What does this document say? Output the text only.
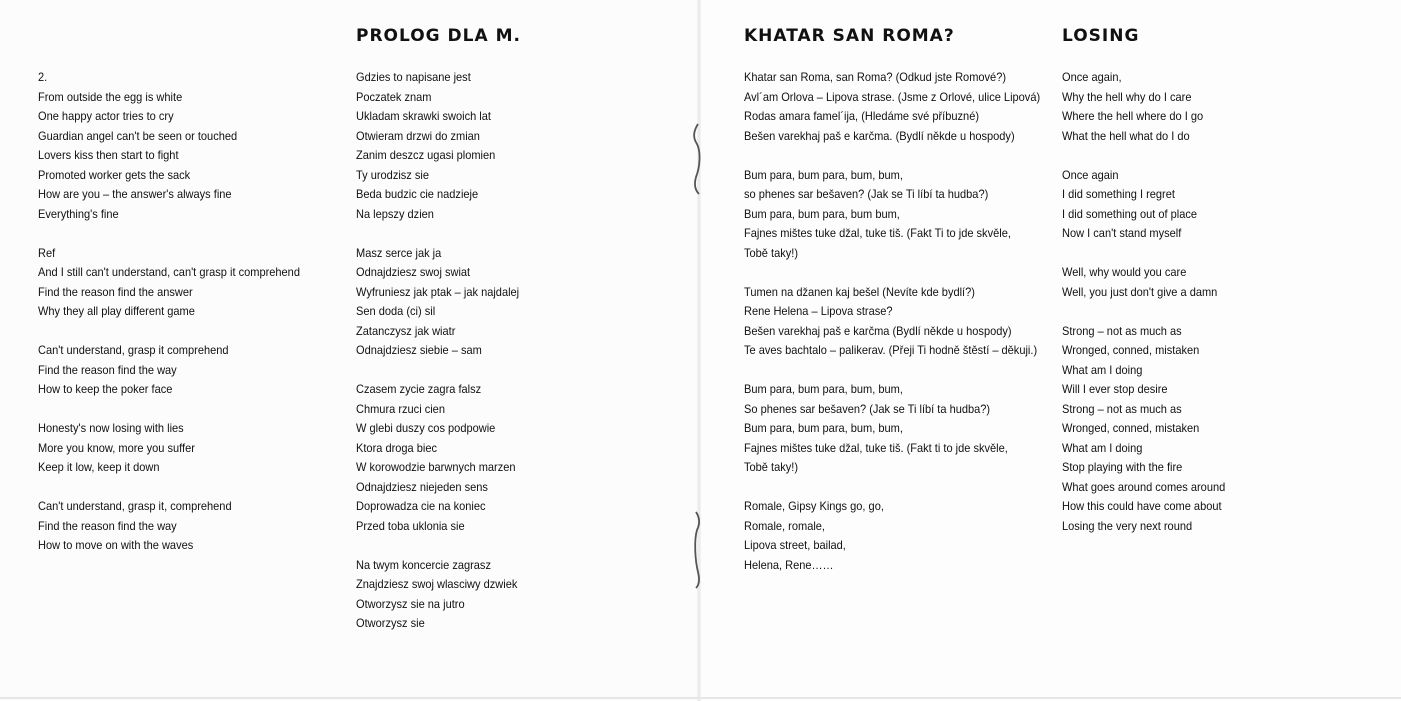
2.
From outside the egg is white
One happy actor tries to cry
Guardian angel can't be seen or touched
Lovers kiss then start to fight
Promoted worker gets the sack
How are you – the answer's always fine
Everything's fine
Ref
And I still can't understand, can't grasp it comprehend
Find the reason find the answer
Why they all play different game
Can't understand, grasp it comprehend
Find the reason find the way
How to keep the poker face
Honesty's now losing with lies
More you know, more you suffer
Keep it low, keep it down
Can't understand, grasp it, comprehend
Find the reason find the way
How to move on with the waves
PROLOG DLA M.
Gdzies to napisane jest
Poczatek znam
Ukladam skrawki swoich lat
Otwieram drzwi do zmian
Zanim deszcz ugasi plomien
Ty urodzisz sie
Beda budzic cie nadzieje
Na lepszy dzien
Masz serce jak ja
Odnajdziesz swoj swiat
Wyfruniesz jak ptak – jak najdalej
Sen doda (ci) sil
Zatanczysz jak wiatr
Odnajdziesz siebie – sam
Czasem zycie zagra falsz
Chmura rzuci cien
W glebi duszy cos podpowie
Ktora droga biec
W korowodzie barwnych marzen
Odnajdziesz niejeden sens
Doprowadza cie na koniec
Przed toba uklonia sie
Na twym koncercie zagrasz
Znajdziesz swoj wlasciwy dzwiek
Otworzysz sie na jutro
Otworzysz sie
KHATAR SAN ROMA?
Khatar san Roma, san Roma? (Odkud jste Romové?)
Avl´am Orlova – Lipova strase. (Jsme z Orlové, ulice Lipová)
Rodas amara famel´ija, (Hledáme své příbuzné)
Bešen varekhaj paš e karčma. (Bydlí někde u hospody)
Bum para, bum para, bum, bum,
so phenes sar bešaven? (Jak se Ti líbí ta hudba?)
Bum para, bum para, bum bum,
Fajnes mištes tuke džal, tuke tiš. (Fakt Ti to jde skvěle,
Tobě taky!)
Tumen na džanen kaj bešel (Nevíte kde bydlí?)
Rene Helena – Lipova strase?
Bešen varekhaj paš e karčma (Bydlí někde u hospody)
Te aves bachtalo – palikerav. (Přeji Ti hodně štěstí – děkuji.)
Bum para, bum para, bum, bum,
So phenes sar bešaven? (Jak se Ti líbí ta hudba?)
Bum para, bum para, bum, bum,
Fajnes mištes tuke džal, tuke tiš. (Fakt ti to jde skvěle,
Tobě taky!)
Romale, Gipsy Kings go, go,
Romale, romale,
Lipova street, bailad,
Helena, Rene……
LOSING
Once again,
Why the hell why do I care
Where the hell where do I go
What the hell what do I do
Once again
I did something I regret
I did something out of place
Now I can't stand myself
Well, why would you care
Well, you just don't give a damn
Strong – not as much as
Wronged, conned, mistaken
What am I doing
Will I ever stop desire
Strong – not as much as
Wronged, conned, mistaken
What am I doing
Stop playing with the fire
What goes around comes around
How this could have come about
Losing the very next round
